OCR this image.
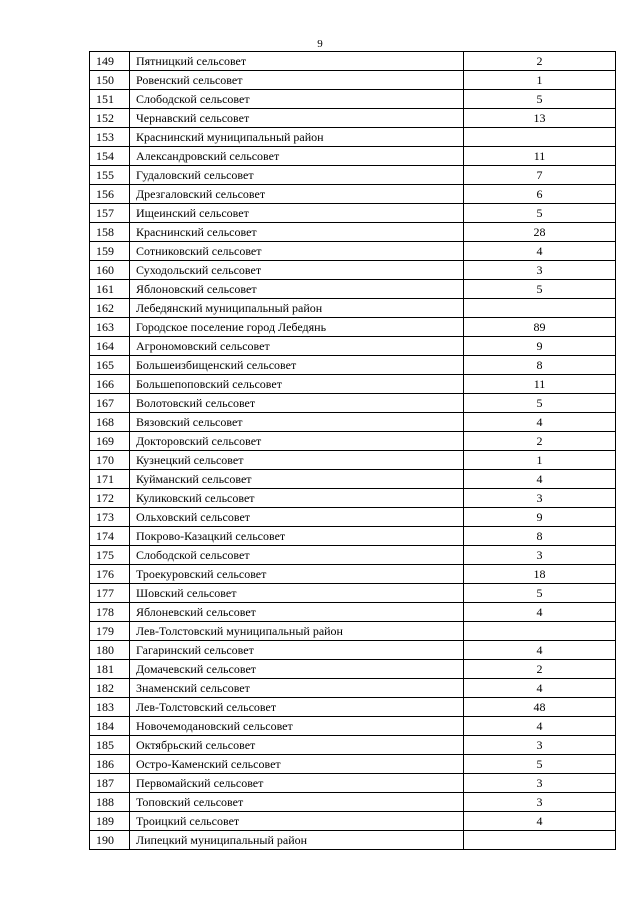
9
149	Пятницкий сельсовет	2
150	Ровенский сельсовет	1
151	Слободской сельсовет	5
152	Чернавский сельсовет	13
153	Краснинский муниципальный район	
154	Александровский сельсовет	11
155	Гудаловский сельсовет	7
156	Дрезгаловский сельсовет	6
157	Ищеинский сельсовет	5
158	Краснинский сельсовет	28
159	Сотниковский сельсовет	4
160	Суходольский сельсовет	3
161	Яблоновский сельсовет	5
162	Лебедянский муниципальный район	
163	Городское поселение город Лебедянь	89
164	Агрономовский сельсовет	9
165	Большеизбищенский сельсовет	8
166	Большепоповский сельсовет	11
167	Волотовский сельсовет	5
168	Вязовский сельсовет	4
169	Докторовский сельсовет	2
170	Кузнецкий сельсовет	1
171	Куйманский сельсовет	4
172	Куликовский сельсовет	3
173	Ольховский сельсовет	9
174	Покрово-Казацкий сельсовет	8
175	Слободской сельсовет	3
176	Троекуровский сельсовет	18
177	Шовский сельсовет	5
178	Яблоневский сельсовет	4
179	Лев-Толстовский муниципальный район	
180	Гагаринский сельсовет	4
181	Домачевский сельсовет	2
182	Знаменский сельсовет	4
183	Лев-Толстовский сельсовет	48
184	Новочемодановский сельсовет	4
185	Октябрьский сельсовет	3
186	Остро-Каменский сельсовет	5
187	Первомайский сельсовет	3
188	Топовский сельсовет	3
189	Троицкий сельсовет	4
190	Липецкий муниципальный район	
